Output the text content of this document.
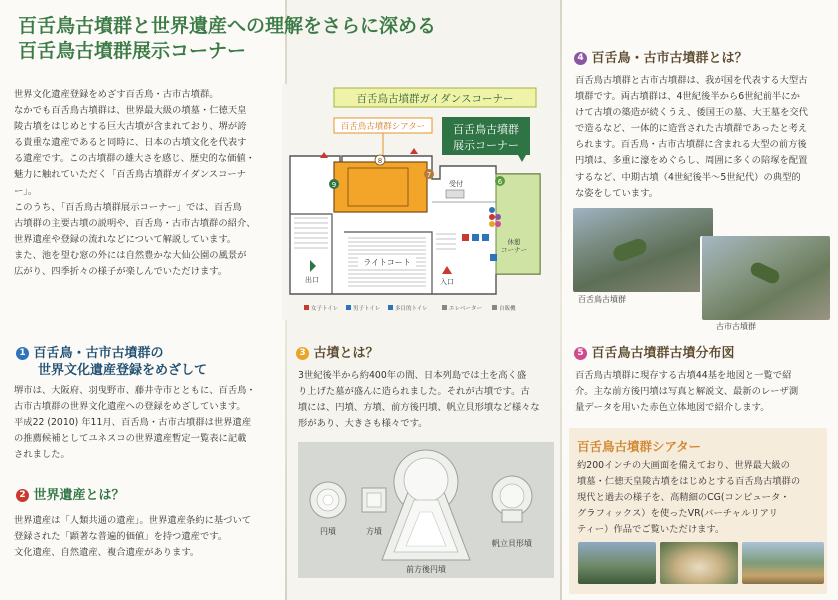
百舌鳥古墳群と世界遺産への理解をさらに深める
百舌鳥古墳群展示コーナー
世界文化遺産登録をめざす百舌鳥・古市古墳群。
なかでも百舌鳥古墳群は、世界最大級の墳墓・仁徳天皇
陵古墳をはじめとする巨大古墳が含まれており、堺が誇
る貴重な遺産であると同時に、日本の古墳文化を代表す
る遺産です。この古墳群の雄大さを感じ、歴史的な価値・
魅力に触れていただく「百舌鳥古墳群ガイダンスコーナ
ー」。
このうち、「百舌鳥古墳群展示コーナー」では、百舌鳥
古墳群の主要古墳の説明や、百舌鳥・古市古墳群の紹介、
世界遺産や登録の流れなどについて解説しています。
また、池を望む窓の外には自然豊かな大仙公園の風景が
広がり、四季折々の様子が楽しんでいただけます。
百舌鳥古墳群ガイダンスコーナー
百舌鳥古墳群
展示コーナー
百舌鳥古墳群シアター
ライトコート
受付
休憩
コーナー
8
9
7
6
出口	入口
女子トイレ	男子トイレ	多目的トイレ	エレベーター	自販機
1 百舌鳥・古市古墳群の
世界文化遺産登録をめざして
堺市は、大阪府、羽曳野市、藤井寺市とともに、百舌鳥・
古市古墳群の世界文化遺産への登録をめざしています。
平成22 (2010) 年11月、百舌鳥・古市古墳群は世界遺産
の推薦候補としてユネスコの世界遺産暫定一覧表に記載
されました。
2 世界遺産とは？
世界遺産は「人類共通の遺産」。世界遺産条約に基づいて
登録された「顕著な普遍的価値」を持つ遺産です。
文化遺産、自然遺産、複合遺産があります。
3 古墳とは？
3世紀後半から約400年の間、日本列島では土を高く盛
り上げた墓が盛んに造られました。それが古墳です。古
墳には、円墳、方墳、前方後円墳、帆立貝形墳など様々な
形があり、大きさも様々です。
円墳	方墳
前方後円墳
帆立貝形墳
4 百舌鳥・古市古墳群とは？
百舌鳥古墳群と古市古墳群は、我が国を代表する大型古
墳群です。両古墳群は、4世紀後半から6世紀前半にか
けて古墳の築造が続くうえ、倭国王の墓、大王墓を交代
で造るなど、一体的に造営された古墳群であったと考え
られます。百舌鳥・古市古墳群に含まれる大型の前方後
円墳は、多重に濠をめぐらし、周囲に多くの陪塚を配置
するなど、中期古墳（4世紀後半～5世紀代）の典型的
な姿をしています。
百舌鳥古墳群
古市古墳群
5 百舌鳥古墳群古墳分布図
百舌鳥古墳群に現存する古墳44基を地図と一覧で紹
介。主な前方後円墳は写真と解説文、最新のレーザ測
量データを用いた赤色立体地図で紹介します。
百舌鳥古墳群シアター
約200インチの大画面を備えており、世界最大級の
墳墓・仁徳天皇陵古墳をはじめとする百舌鳥古墳群の
現代と過去の様子を、高精細のCG(コンピュータ・
グラフィックス）を使ったVR(バーチャルリアリ
ティー）作品でご覧いただけます。
